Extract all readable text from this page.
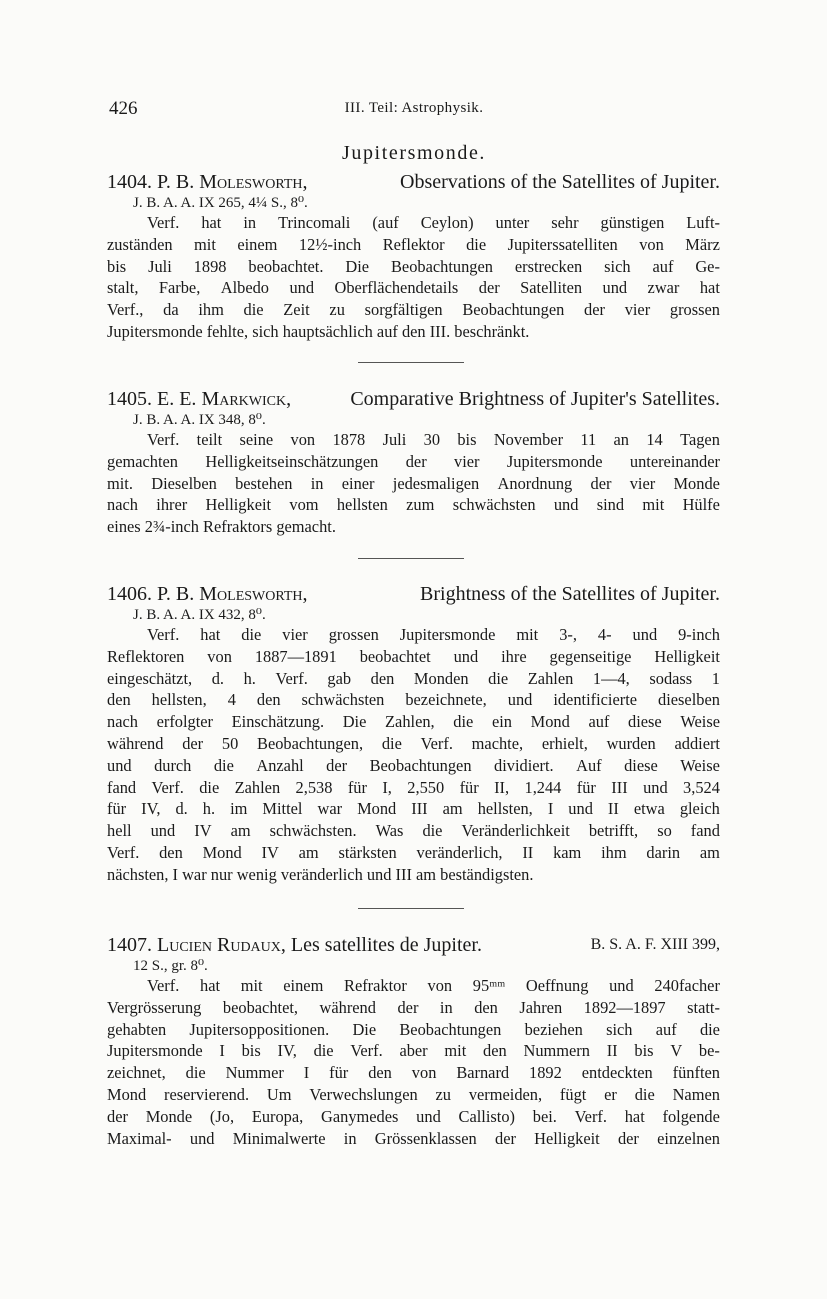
426	III. Teil: Astrophysik.
Jupitersmonde.
1404. P. B. Moleswоrth,	Observations of the Satellites of Jupiter.
J. B. A. A. IX 265, 4¼ S., 8⁰.
Verf. hat in Trincomali (auf Ceylon) unter sehr günstigen Luft-
zuständen mit einem 12½-inch Reflektor die Jupiterssatelliten von März
bis Juli 1898 beobachtet. Die Beobachtungen erstrecken sich auf Ge-
stalt, Farbe, Albedo und Oberflächendetails der Satelliten und zwar hat
Verf., da ihm die Zeit zu sorgfältigen Beobachtungen der vier grossen
Jupitersmonde fehlte, sich hauptsächlich auf den III. beschränkt.
1405. E. E. Markwick,	Comparative Brightness of Jupiter's Satellites.
J. B. A. A. IX 348, 8⁰.
Verf. teilt seine von 1878 Juli 30 bis November 11 an 14 Tagen
gemachten Helligkeitseinschätzungen der vier Jupitersmonde untereinander
mit. Dieselben bestehen in einer jedesmaligen Anordnung der vier Monde
nach ihrer Helligkeit vom hellsten zum schwächsten und sind mit Hülfe
eines 2¾-inch Refraktors gemacht.
1406. P. B. Molesworth,	Brightness of the Satellites of Jupiter.
J. B. A. A. IX 432, 8⁰.
Verf. hat die vier grossen Jupitersmonde mit 3-, 4- und 9-inch
Reflektoren von 1887—1891 beobachtet und ihre gegenseitige Helligkeit
eingeschätzt, d. h. Verf. gab den Monden die Zahlen 1—4, sodass 1
den hellsten, 4 den schwächsten bezeichnete, und identificierte dieselben
nach erfolgter Einschätzung. Die Zahlen, die ein Mond auf diese Weise
während der 50 Beobachtungen, die Verf. machte, erhielt, wurden addiert
und durch die Anzahl der Beobachtungen dividiert. Auf diese Weise
fand Verf. die Zahlen 2,538 für I, 2,550 für II, 1,244 für III und 3,524
für IV, d. h. im Mittel war Mond III am hellsten, I und II etwa gleich
hell und IV am schwächsten. Was die Veränderlichkeit betrifft, so fand
Verf. den Mond IV am stärksten veränderlich, II kam ihm darin am
nächsten, I war nur wenig veränderlich und III am beständigsten.
1407. Lucien Rudaux, Les satellites de Jupiter.	B. S. A. F. XIII 399,
12 S., gr. 8⁰.
Verf. hat mit einem Refraktor von 95ᵐᵐ Oeffnung und 240facher
Vergrösserung beobachtet, während der in den Jahren 1892—1897 statt-
gehabten Jupitersoppositionen. Die Beobachtungen beziehen sich auf die
Jupitersmonde I bis IV, die Verf. aber mit den Nummern II bis V be-
zeichnet, die Nummer I für den von Barnard 1892 entdeckten fünften
Mond reservierend. Um Verwechslungen zu vermeiden, fügt er die Namen
der Monde (Jo, Europa, Ganymedes und Callisto) bei. Verf. hat folgende
Maximal- und Minimalwerte in Grössenklassen der Helligkeit der einzelnen
